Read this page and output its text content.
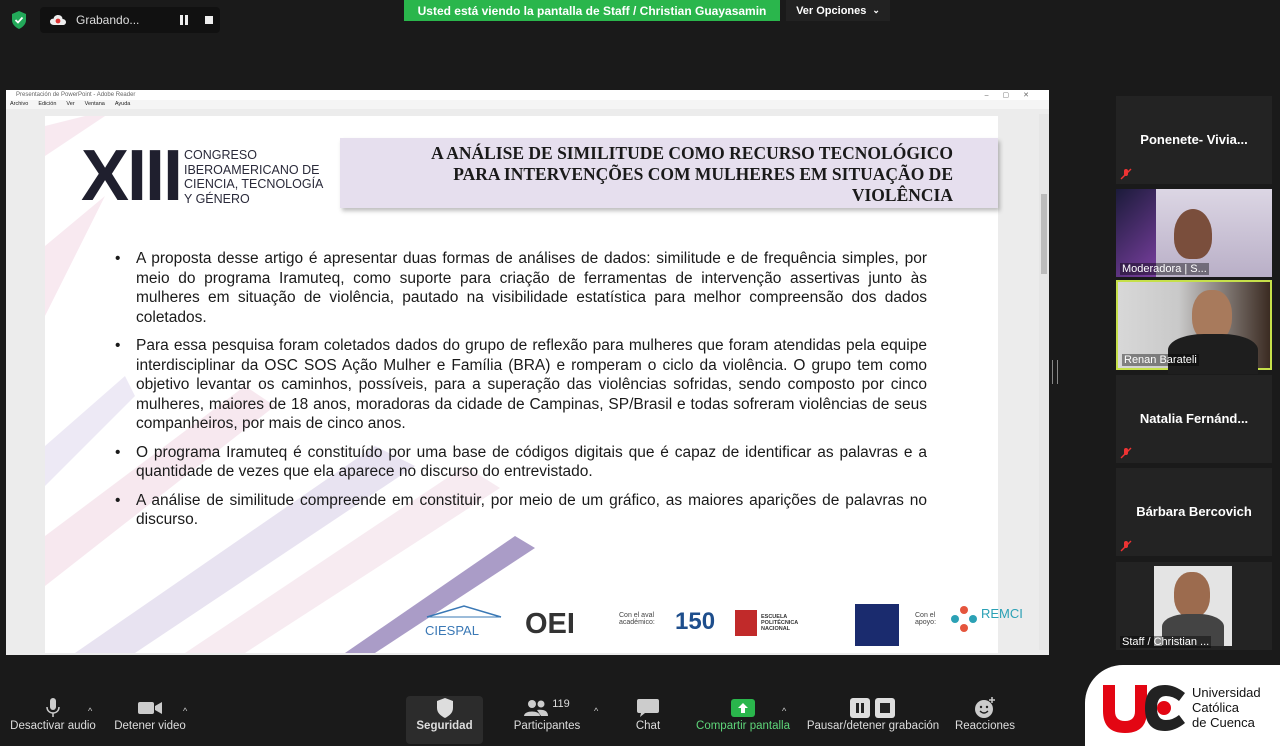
Grabando...
Usted está viendo la pantalla de Staff / Christian Guayasamin	Ver Opciones ⌄
Presentación de PowerPoint - Adobe Reader	–▢✕
Archivo Edición Ver Ventana Ayuda
XIII CONGRESO
IBEROAMERICANO DE
CIENCIA, TECNOLOGÍA
Y GÉNERO
A ANÁLISE DE SIMILITUDE COMO RECURSO TECNOLÓGICO
PARA INTERVENÇÕES COM MULHERES EM SITUAÇÃO DE
VIOLÊNCIA
• A proposta desse artigo é apresentar duas formas de análises de dados: similitude e de frequência simples, por meio do programa Iramuteq, como suporte para criação de ferramentas de intervenção assertivas junto às mulheres em situação de violência, pautado na visibilidade estatística para melhor compreensão dos dados coletados.
• Para essa pesquisa foram coletados dados do grupo de reflexão para mulheres que foram atendidas pela equipe interdisciplinar da OSC SOS Ação Mulher e Família (BRA) e romperam o ciclo da violência. O grupo tem como objetivo levantar os caminhos, possíveis, para a superação das violências sofridas, sendo composto por cinco mulheres, maiores de 18 anos, moradoras da cidade de Campinas, SP/Brasil e todas sofreram violências de seus companheiros, por mais de cinco anos.
• O programa Iramuteq é constituído por uma base de códigos digitais que é capaz de identificar as palavras e a quantidade de vezes que ela aparece no discurso do entrevistado.
• A análise de similitude compreende em constituir, por meio de um gráfico, as maiores aparições de palavras no discurso.
CIESPAL OEI	Con el aval académico: 150	ESCUELA POLITÉCNICA NACIONAL
Con el apoyo:
REMCI
Ponenete- Vivia...
Moderadora | S...
Renan Barateli
Natalia Fernánd...
Bárbara Bercovich
Staff / Christian ...
Desactivar audio
^
Detener video
^
Seguridad
119
Participantes
^
Chat	Compartir pantalla
^
Pausar/detener grabación	Reacciones
Universidad
Católica
de Cuenca
